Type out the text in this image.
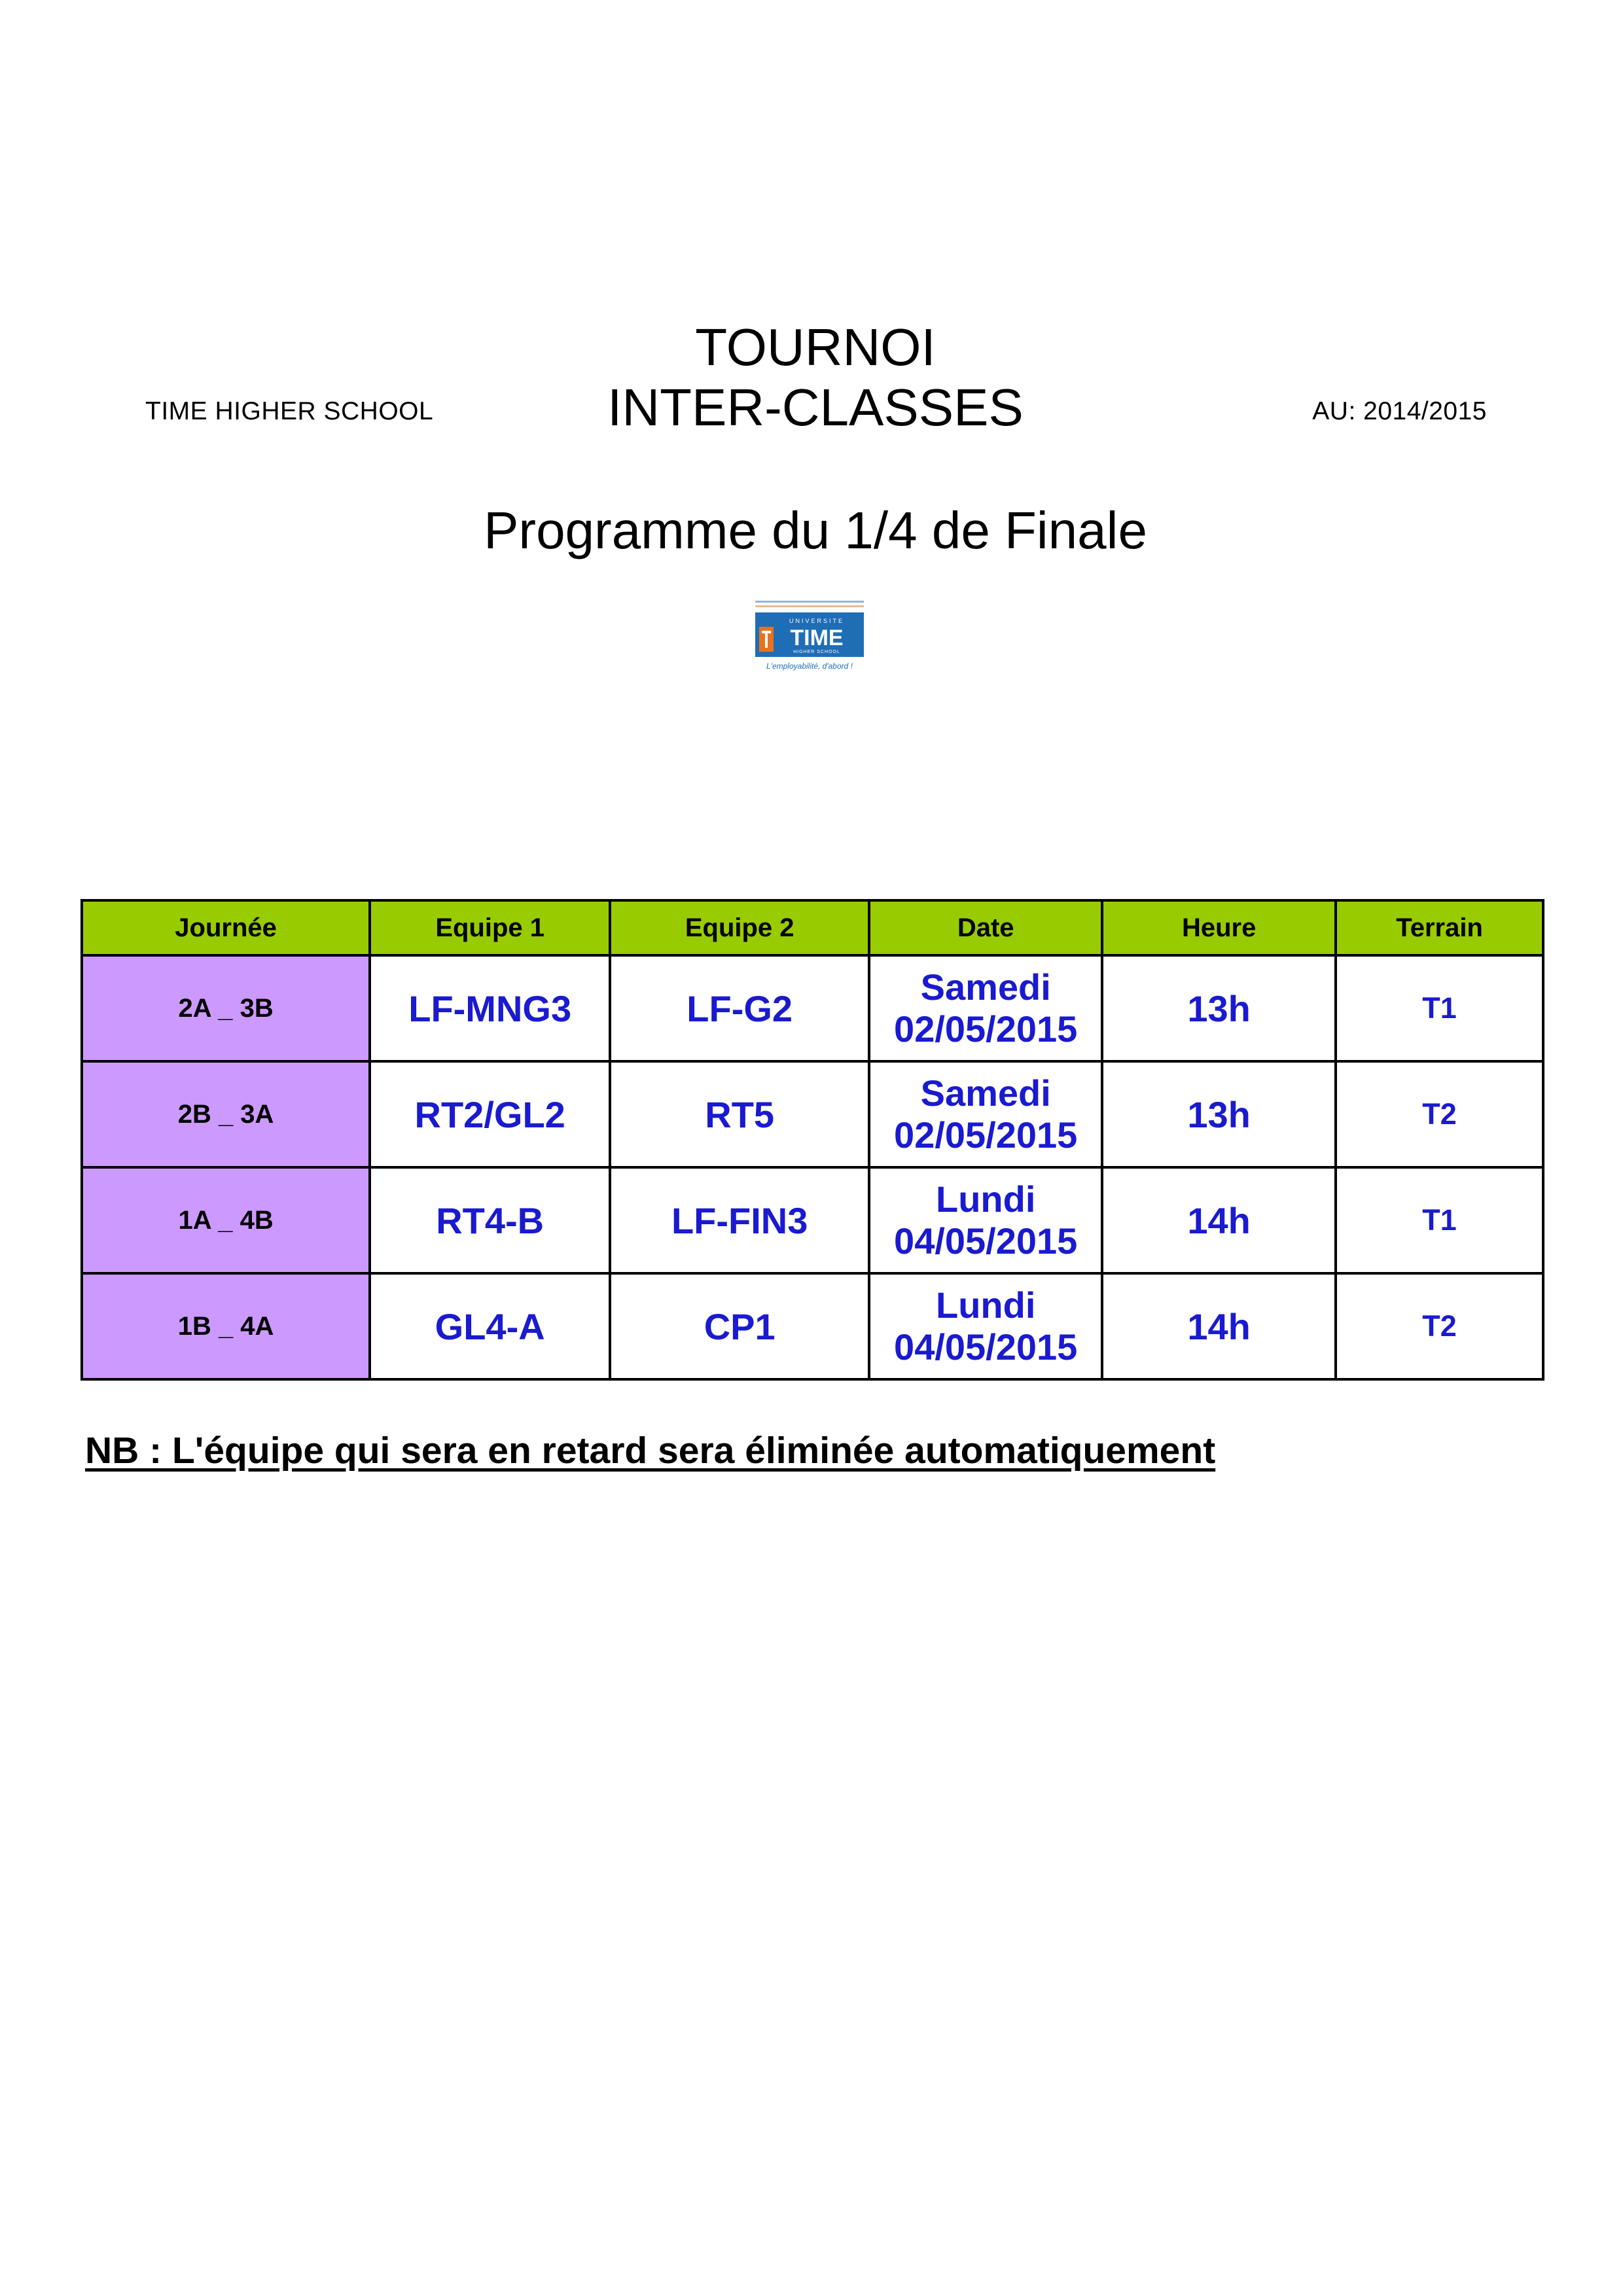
TIME HIGHER SCHOOL
TOURNOI
INTER-CLASSES	AU: 2014/2015
Programme du 1/4 de Finale
UNIVERSITE
TIME
HIGHER SCHOOL
L'employabilité, d'abord !
Journée	Equipe 1	Equipe 2	Date	Heure	Terrain
2A _ 3B	LF-MNG3	LF-G2	Samedi
02/05/2015	13h	T1
2B _ 3A	RT2/GL2	RT5	Samedi
02/05/2015	13h	T2
1A _ 4B	RT4-B	LF-FIN3	Lundi
04/05/2015	14h	T1
1B _ 4A	GL4-A	CP1	Lundi
04/05/2015	14h	T2
NB : L'équipe qui sera en retard sera éliminée automatiquement
